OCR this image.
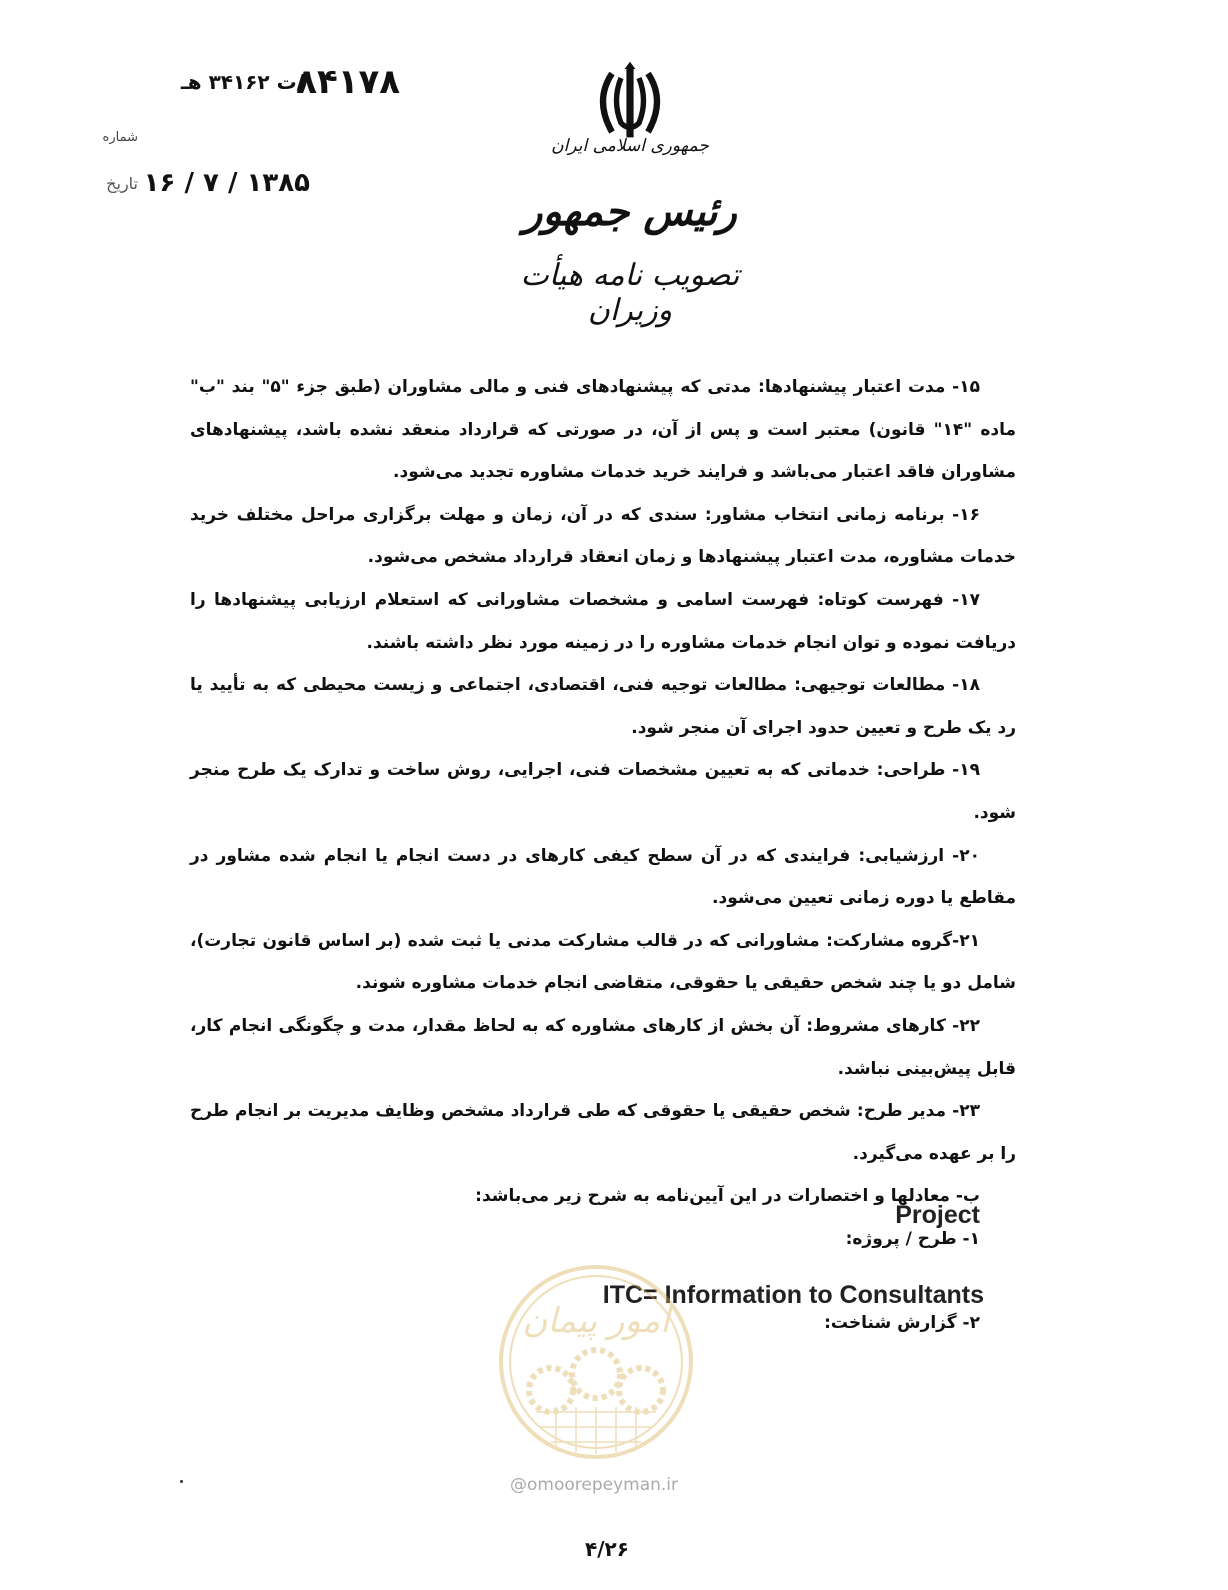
۸۴۱۷۸
/ت ۳۴۱۶۲ هـ
شماره
۱۳۸۵ / ۷ / ۱۶
تاریخ
جمهوری اسلامی ایران
رئیس جمهور
تصویب نامه هیأت وزیران

۱۵- مدت اعتبار پیشنهادها: مدتی که پیشنهادهای فنی و مالی مشاوران (طبق جزء "۵" بند "ب" ماده "۱۴" قانون) معتبر است و پس از آن، در صورتی که قرارداد منعقد نشده باشد، پیشنهادهای مشاوران فاقد اعتبار می‌باشد و فرایند خرید خدمات مشاوره تجدید می‌شود.

۱۶- برنامه زمانی انتخاب مشاور: سندی که در آن، زمان و مهلت برگزاری مراحل مختلف خرید خدمات مشاوره، مدت اعتبار پیشنهادها و زمان انعقاد قرارداد مشخص می‌شود.

۱۷- فهرست کوتاه: فهرست اسامی و مشخصات مشاورانی که استعلام ارزیابی پیشنهادها را دریافت نموده و توان انجام خدمات مشاوره را در زمینه مورد نظر داشته باشند.

۱۸- مطالعات توجیهی: مطالعات توجیه فنی، اقتصادی، اجتماعی و زیست محیطی که به تأیید یا رد یک طرح و تعیین حدود اجرای آن منجر شود.

۱۹- طراحی: خدماتی که به تعیین مشخصات فنی، اجرایی، روش ساخت و تدارک یک طرح منجر شود.

۲۰- ارزشیابی: فرایندی که در آن سطح کیفی کارهای در دست انجام یا انجام شده مشاور در مقاطع یا دوره زمانی تعیین می‌شود.

۲۱-گروه مشارکت: مشاورانی که در قالب مشارکت مدنی یا ثبت شده (بر اساس قانون تجارت)، شامل دو یا چند شخص حقیقی یا حقوقی، متقاضی انجام خدمات مشاوره شوند.

۲۲- کارهای مشروط: آن بخش از کارهای مشاوره که به لحاظ مقدار، مدت و چگونگی انجام کار، قابل پیش‌بینی نباشد.

۲۳- مدیر طرح: شخص حقیقی یا حقوقی که طی قرارداد مشخص وظایف مدیریت بر انجام طرح را بر عهده می‌گیرد.

ب- معادلها و اختصارات در این آیین‌نامه به شرح زیر می‌باشد:

۱- طرح / پروژه:

۲- گزارش شناخت:

Project
ITC= Information to Consultants
امور پیمان
@omoorepeyman.ir
۴/۲۶
